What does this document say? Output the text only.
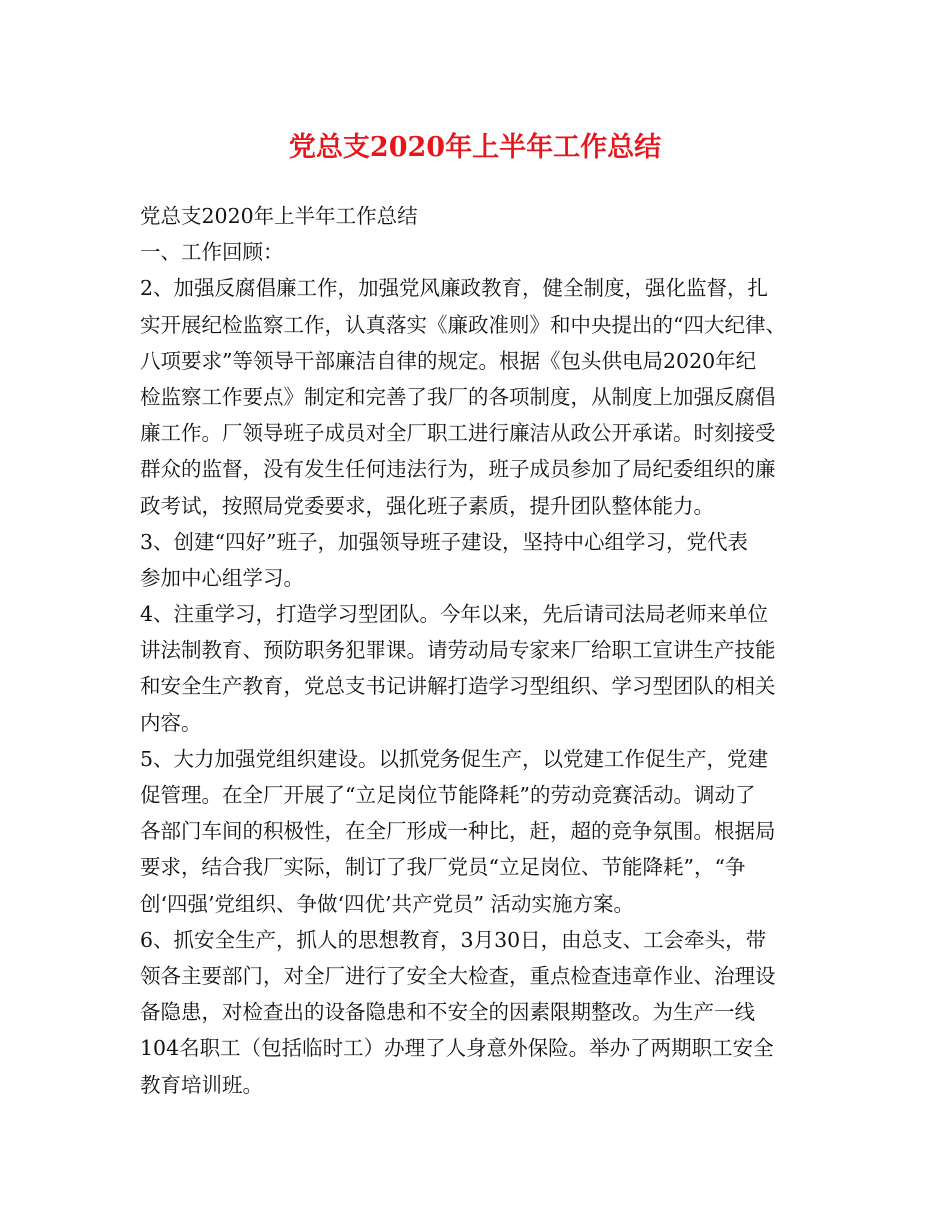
党总支2020年上半年工作总结
党总支2020年上半年工作总结
一、工作回顾：
2、加强反腐倡廉工作，加强党风廉政教育，健全制度，强化监督，扎
实开展纪检监察工作，认真落实《廉政准则》和中央提出的“四大纪律、
八项要求”等领导干部廉洁自律的规定。根据《包头供电局2020年纪
检监察工作要点》制定和完善了我厂的各项制度，从制度上加强反腐倡
廉工作。厂领导班子成员对全厂职工进行廉洁从政公开承诺。时刻接受
群众的监督，没有发生任何违法行为，班子成员参加了局纪委组织的廉
政考试，按照局党委要求，强化班子素质，提升团队整体能力。
3、创建“四好”班子，加强领导班子建设，坚持中心组学习，党代表
参加中心组学习。
4、注重学习，打造学习型团队。今年以来，先后请司法局老师来单位
讲法制教育、预防职务犯罪课。请劳动局专家来厂给职工宣讲生产技能
和安全生产教育，党总支书记讲解打造学习型组织、学习型团队的相关
内容。
5、大力加强党组织建设。以抓党务促生产，以党建工作促生产，党建
促管理。在全厂开展了“立足岗位节能降耗”的劳动竞赛活动。调动了
各部门车间的积极性，在全厂形成一种比，赶，超的竞争氛围。根据局
要求，结合我厂实际，制订了我厂党员“立足岗位、节能降耗”，“争
创‘四强’党组织、争做‘四优’共产党员” 活动实施方案。
6、抓安全生产，抓人的思想教育，3月30日，由总支、工会牵头，带
领各主要部门，对全厂进行了安全大检查，重点检查违章作业、治理设
备隐患，对检查出的设备隐患和不安全的因素限期整改。为生产一线
104名职工（包括临时工）办理了人身意外保险。举办了两期职工安全
教育培训班。
